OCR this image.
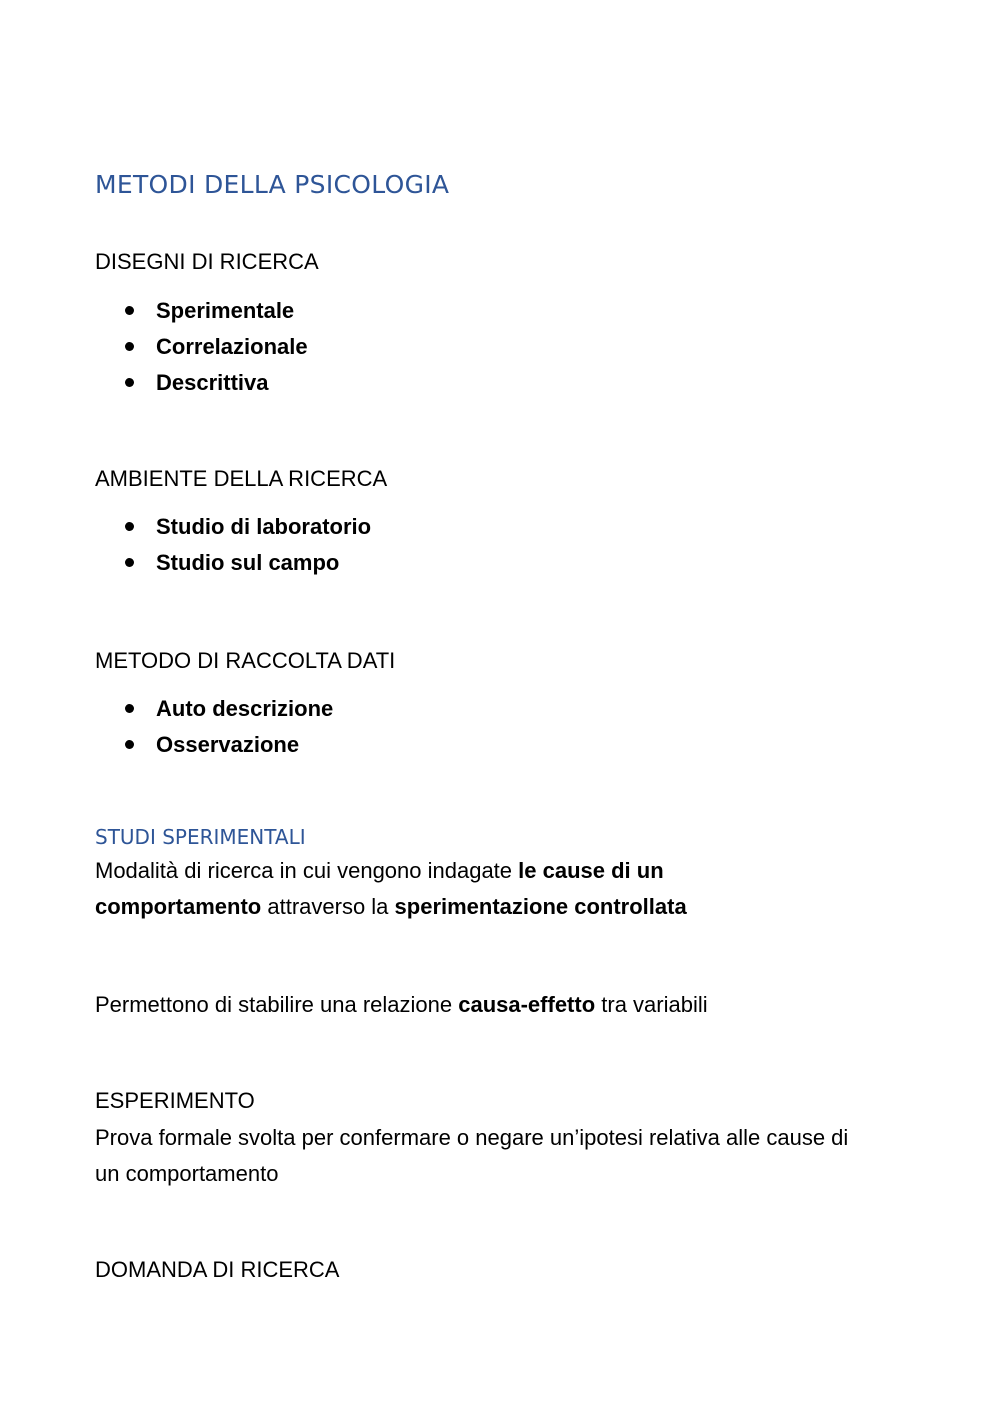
METODI DELLA PSICOLOGIA

DISEGNI DI RICERCA

Sperimentale
Correlazionale
Descrittiva

AMBIENTE DELLA RICERCA

Studio di laboratorio
Studio sul campo

METODO DI RACCOLTA DATI

Auto descrizione
Osservazione
STUDI SPERIMENTALI

Modalità di ricerca in cui vengono indagate le cause di un comportamento attraverso la sperimentazione controllata

Permettono di stabilire una relazione causa-effetto tra variabili

ESPERIMENTO

Prova formale svolta per confermare o negare un’ipotesi relativa alle cause di un comportamento

DOMANDA DI RICERCA
